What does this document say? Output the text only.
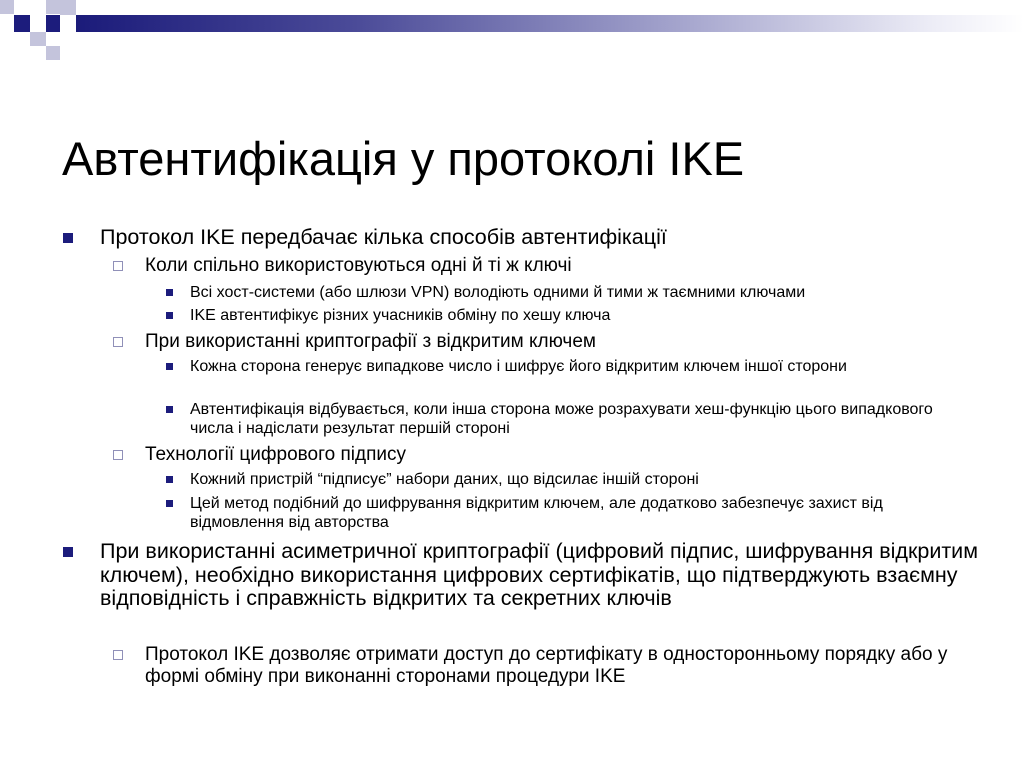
Автентифікація у протоколі IKE
Протокол IKE передбачає кілька способів автентифікації
Коли спільно використовуються одні й ті ж ключі
Всі хост-системи (або шлюзи VPN) володіють одними й тими ж таємними ключами
IKE автентифікує різних учасників обміну по хешу ключа
При використанні криптографії з відкритим ключем
Кожна сторона генерує випадкове число і шифрує його відкритим ключем іншої сторони
Автентифікація відбувається, коли інша сторона може розрахувати хеш-функцію цього випадкового числа і надіслати результат першій стороні
Технології цифрового підпису
Кожний пристрій “підписує” набори даних, що відсилає іншій стороні
Цей метод подібний до шифрування відкритим ключем, але додатково забезпечує захист від відмовлення від авторства
При використанні асиметричної криптографії (цифровий підпис, шифрування відкритим ключем), необхідно використання цифрових сертифікатів, що підтверджують взаємну відповідність і справжність відкритих та секретних ключів
Протокол IKE дозволяє отримати доступ до сертифікату в односторонньому порядку або у формі обміну при виконанні сторонами процедури IKE
